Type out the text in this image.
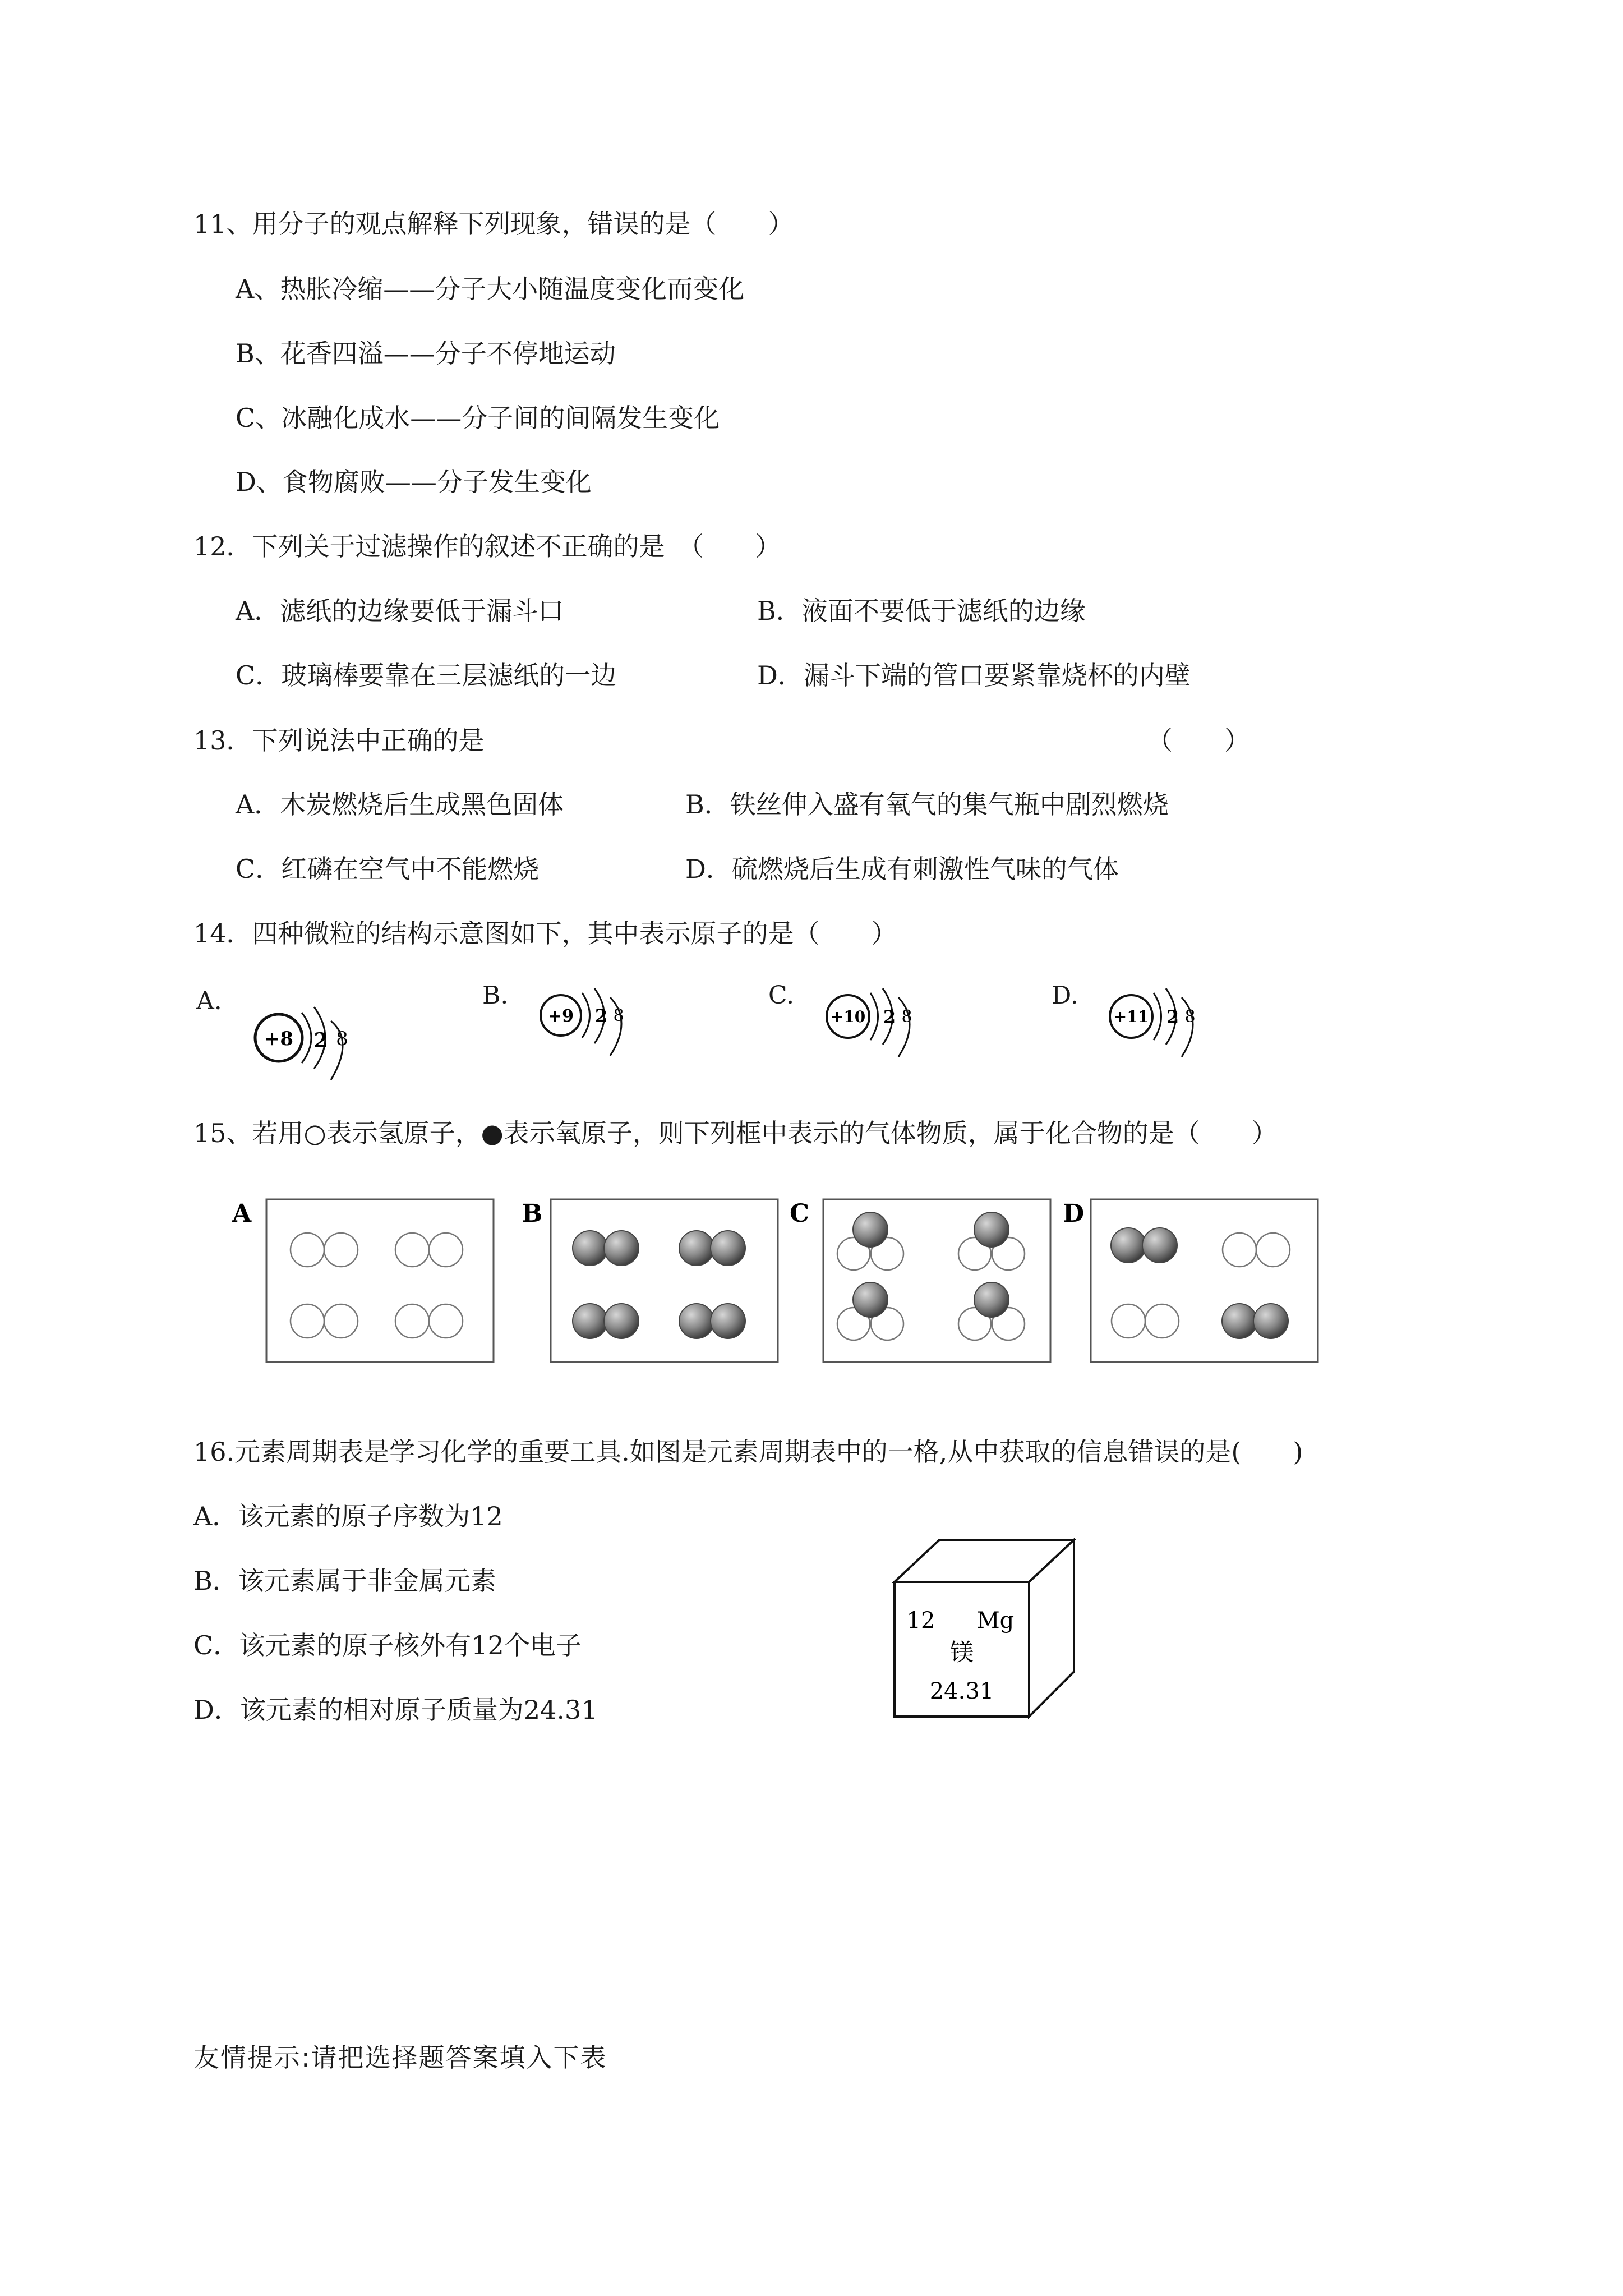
11、用分子的观点解释下列现象，错误的是（　　）
A、热胀冷缩——分子大小随温度变化而变化
B、花香四溢——分子不停地运动
C、冰融化成水——分子间的间隔发生变化
D、食物腐败——分子发生变化
12．下列关于过滤操作的叙述不正确的是　（　　）
A．滤纸的边缘要低于漏斗口	B．液面不要低于滤纸的边缘
C．玻璃棒要靠在三层滤纸的一边	D．漏斗下端的管口要紧靠烧杯的内壁
13．下列说法中正确的是	（　　）
A．木炭燃烧后生成黑色固体	B．铁丝伸入盛有氧气的集气瓶中剧烈燃烧
C．红磷在空气中不能燃烧	D．硫燃烧后生成有刺激性气味的气体
14．四种微粒的结构示意图如下，其中表示原子的是（　　）
A.
+8 2 8
B.
+9 2 8
C.
+10 2 8
D.
+11 2 8
15、若用○表示氢原子，●表示氧原子，则下列框中表示的气体物质，属于化合物的是（　　）
A	B	C	D
16.元素周期表是学习化学的重要工具.如图是元素周期表中的一格,从中获取的信息错误的是(　　)
A．该元素的原子序数为12
B．该元素属于非金属元素
C．该元素的原子核外有12个电子
D．该元素的相对原子质量为24.31
12 Mg
镁
24.31
友情提示:请把选择题答案填入下表
